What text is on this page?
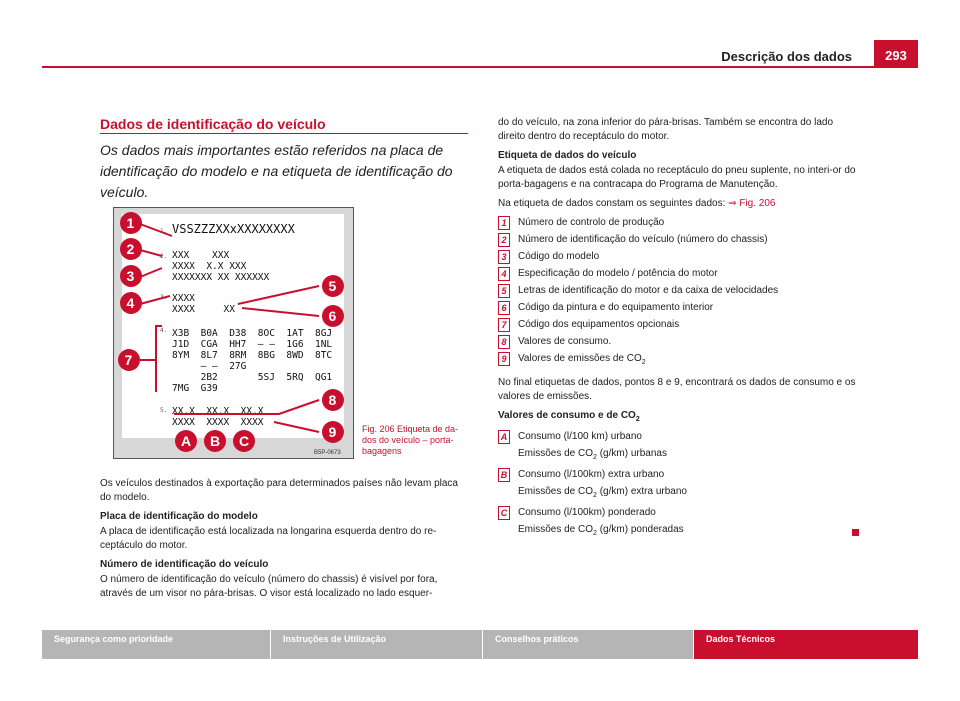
Descrição dos dados	293
Dados de identificação do veículo
Os dados mais importantes estão referidos na placa de identificação do modelo e na etiqueta de identificação do veículo.
1.
2.
3.
4.
5.
VSSZZZXXxXXXXXXXX
XXX    XXX
XXXX  X.X XXX
XXXXXXX XX XXXXXX
XXXX
XXXX     XX
X3B  B0A  D38  8OC  1AT  8GJ
J1D  CGA  HH7  – –  1G6  1NL
8YM  8L7  8RM  8BG  8WD  8TC
– –  27G
2B2       5SJ  5RQ  QG1
7MG  G39
XX.X  XX.X  XX.X
XXXX  XXXX  XXXX
1
2
3
4
5
6
7
8
9
A B C
B5P-0673
Fig. 206 Etiqueta de da-dos do veículo – porta-bagagens

Os veículos destinados à exportação para determinados países não levam placa do modelo.

Placa de identificação do modelo

A placa de identificação está localizada na longarina esquerda dentro do re-ceptáculo do motor.

Número de identificação do veículo

O número de identificação do veículo (número do chassis) é visível por fora, através de um visor no pára-brisas. O visor está localizado no lado esquer-

do do veículo, na zona inferior do pára-brisas. Também se encontra do lado direito dentro do receptáculo do motor.

Etiqueta de dados do veículo

A etiqueta de dados está colada no receptáculo do pneu suplente, no interi-or do porta-bagagens e na contracapa do Programa de Manutenção.

Na etiqueta de dados constam os seguintes dados: ⇒ Fig. 206

1	Número de controlo de produção
2	Número de identificação do veículo (número do chassis)
3	Código do modelo
4	Especificação do modelo / potência do motor
5	Letras de identificação do motor e da caixa de velocidades
6	Código da pintura e do equipamento interior
7	Código dos equipamentos opcionais
8	Valores de consumo.
9	Valores de emissões de $CO_2$

No final etiquetas de dados, pontos 8 e 9, encontrará os dados de consumo e os valores de emissões.

Valores de consumo e de $CO_2$

A Consumo (l/100 km) urbano
Emissões de $CO_2$ (g/km) urbanas
B Consumo (l/100km) extra urbano
Emissões de $CO_2$ (g/km) extra urbano
C Consumo (l/100km) ponderado
Emissões de $CO_2$ (g/km) ponderadas
Segurança como prioridade	Instruções de Utilização	Conselhos práticos	Dados Técnicos
